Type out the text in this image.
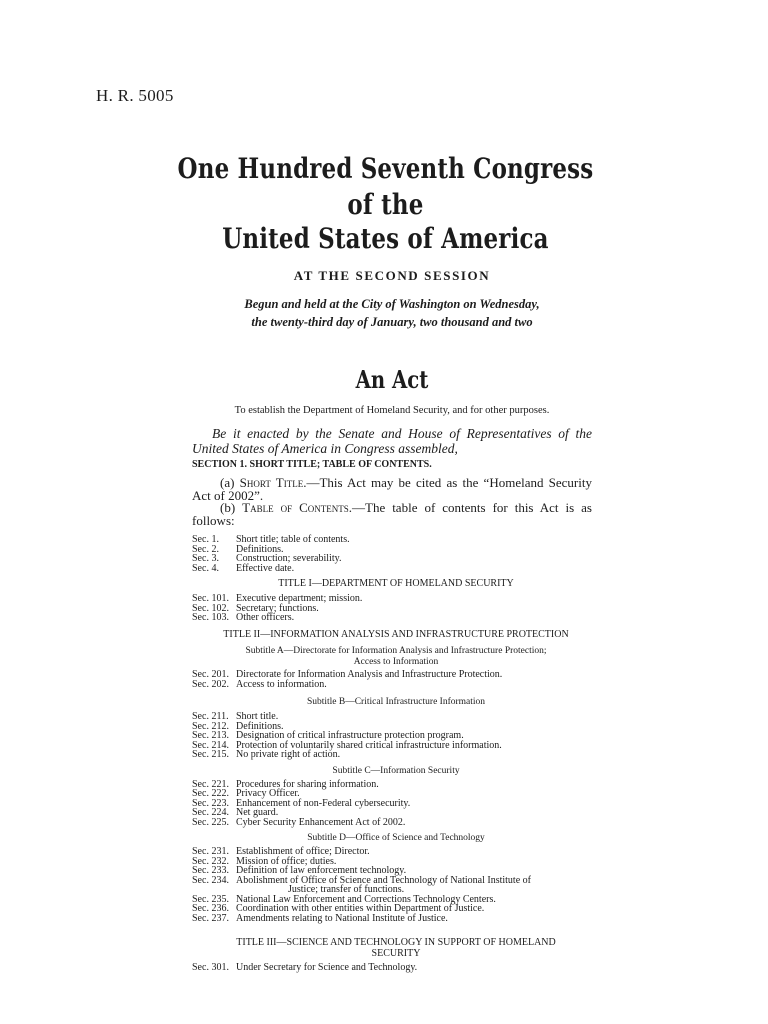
H. R. 5005
One Hundred Seventh Congress
of the
United States of America
AT THE SECOND SESSION
Begun and held at the City of Washington on Wednesday,
the twenty-third day of January, two thousand and two
An Act
To establish the Department of Homeland Security, and for other purposes.
Be it enacted by the Senate and House of Representatives of the United States of America in Congress assembled,
SECTION 1. SHORT TITLE; TABLE OF CONTENTS.
(a) Short Title.—This Act may be cited as the “Homeland Security Act of 2002”.
(b) Table of Contents.—The table of contents for this Act is as follows:
Sec. 1.	Short title; table of contents.
Sec. 2.	Definitions.
Sec. 3.	Construction; severability.
Sec. 4.	Effective date.
TITLE I—DEPARTMENT OF HOMELAND SECURITY
Sec. 101. Executive department; mission.
Sec. 102. Secretary; functions.
Sec. 103. Other officers.
TITLE II—INFORMATION ANALYSIS AND INFRASTRUCTURE PROTECTION
Subtitle A—Directorate for Information Analysis and Infrastructure Protection;
Access to Information
Sec. 201. Directorate for Information Analysis and Infrastructure Protection.
Sec. 202. Access to information.
Subtitle B—Critical Infrastructure Information
Sec. 211. Short title.
Sec. 212. Definitions.
Sec. 213. Designation of critical infrastructure protection program.
Sec. 214. Protection of voluntarily shared critical infrastructure information.
Sec. 215. No private right of action.
Subtitle C—Information Security
Sec. 221. Procedures for sharing information.
Sec. 222. Privacy Officer.
Sec. 223. Enhancement of non-Federal cybersecurity.
Sec. 224. Net guard.
Sec. 225. Cyber Security Enhancement Act of 2002.
Subtitle D—Office of Science and Technology
Sec. 231. Establishment of office; Director.
Sec. 232. Mission of office; duties.
Sec. 233. Definition of law enforcement technology.
Sec. 234. Abolishment of Office of Science and Technology of National Institute of
Justice; transfer of functions.
Sec. 235. National Law Enforcement and Corrections Technology Centers.
Sec. 236. Coordination with other entities within Department of Justice.
Sec. 237. Amendments relating to National Institute of Justice.
TITLE III—SCIENCE AND TECHNOLOGY IN SUPPORT OF HOMELAND
SECURITY
Sec. 301. Under Secretary for Science and Technology.
